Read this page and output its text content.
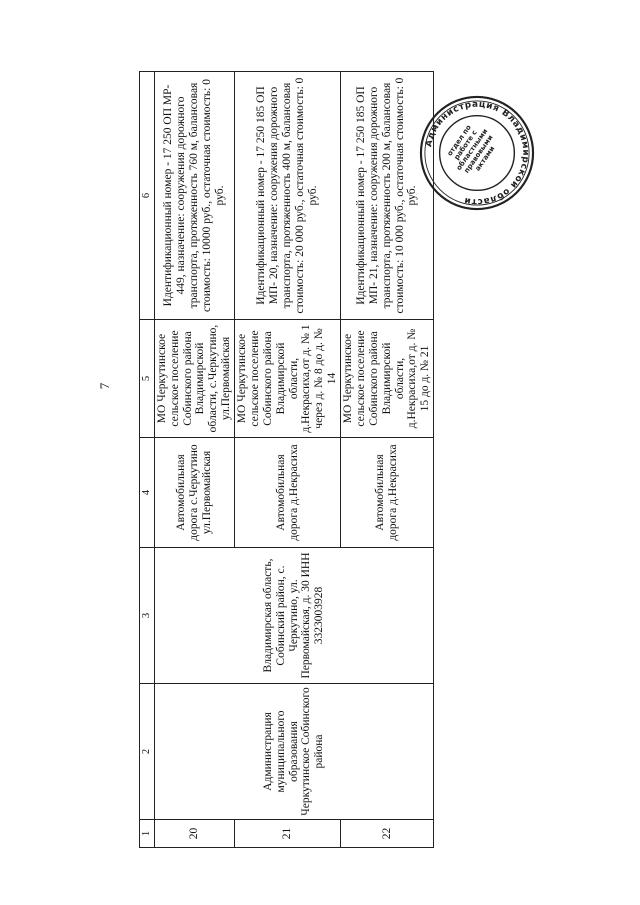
7
1	2	3	4	5	6
20	Администрация муниципального образования Черкутинское Собинского района	Владимирская область, Собинский район, с. Черкутино, ул. Первомайская, д. 30 ИНН 3323003928	Автомобильная дорога с.Черкутино ул.Первомайская	МО Черкутинское сельское поселение Собинского района Владимирской области, с.Черкутино, ул.Первомайская	Идентификационный номер - 17 250 ОП МР- 449, назначение: сооружения дорожного транспорта, протяженность 760 м, балансовая стоимость: 10000 руб., остаточная стоимость: 0 руб.
21			Автомобильная дорога д.Некрасиха	МО Черкутинское сельское поселение Собинского района Владимирской области, д.Некрасиха,от д. № 1 через д. № 8 до д. № 14	Идентификационный номер - 17 250 185 ОП МП- 20, назначение: сооружения дорожного транспорта, протяженность 400 м, балансовая стоимость: 20 000 руб., остаточная стоимость: 0 руб.
22			Автомобильная дорога д.Некрасиха	МО Черкутинское сельское поселение Собинского района Владимирской области, д.Некрасиха,от д. № 15 до д. № 21	Идентификационный номер - 17 250 185 ОП МП- 21, назначение: сооружения дорожного транспорта, протяженность 200 м, балансовая стоимость: 10 000 руб., остаточная стоимость: 0 руб.
Администрация Владимирской области
отдел по работе с областными правовыми актами
